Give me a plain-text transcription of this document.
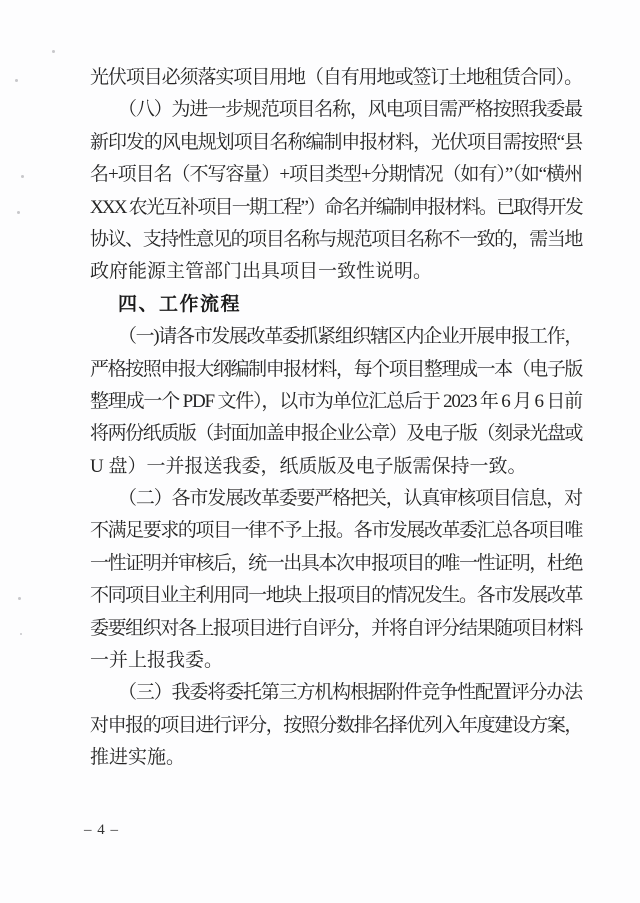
光伏项目必须落实项目用地（自有用地或签订土地租赁合同）。
（八）为进一步规范项目名称，风电项目需严格按照我委最
新印发的风电规划项目名称编制申报材料，光伏项目需按照“县
名+项目名（不写容量）+项目类型+分期情况（如有）”（如“横州
XXX 农光互补项目一期工程”）命名并编制申报材料。已取得开发
协议、支持性意见的项目名称与规范项目名称不一致的，需当地
政府能源主管部门出具项目一致性说明。
四、工作流程
（一)请各市发展改革委抓紧组织辖区内企业开展申报工作，
严格按照申报大纲编制申报材料，每个项目整理成一本（电子版
整理成一个 PDF 文件），以市为单位汇总后于 2023 年 6 月 6 日前
将两份纸质版（封面加盖申报企业公章）及电子版（刻录光盘或
U 盘）一并报送我委，纸质版及电子版需保持一致。
（二）各市发展改革委要严格把关，认真审核项目信息，对
不满足要求的项目一律不予上报。各市发展改革委汇总各项目唯
一性证明并审核后，统一出具本次申报项目的唯一性证明，杜绝
不同项目业主利用同一地块上报项目的情况发生。各市发展改革
委要组织对各上报项目进行自评分，并将自评分结果随项目材料
一并上报我委。
（三）我委将委托第三方机构根据附件竞争性配置评分办法
对申报的项目进行评分，按照分数排名择优列入年度建设方案，
推进实施。
– 4 –
